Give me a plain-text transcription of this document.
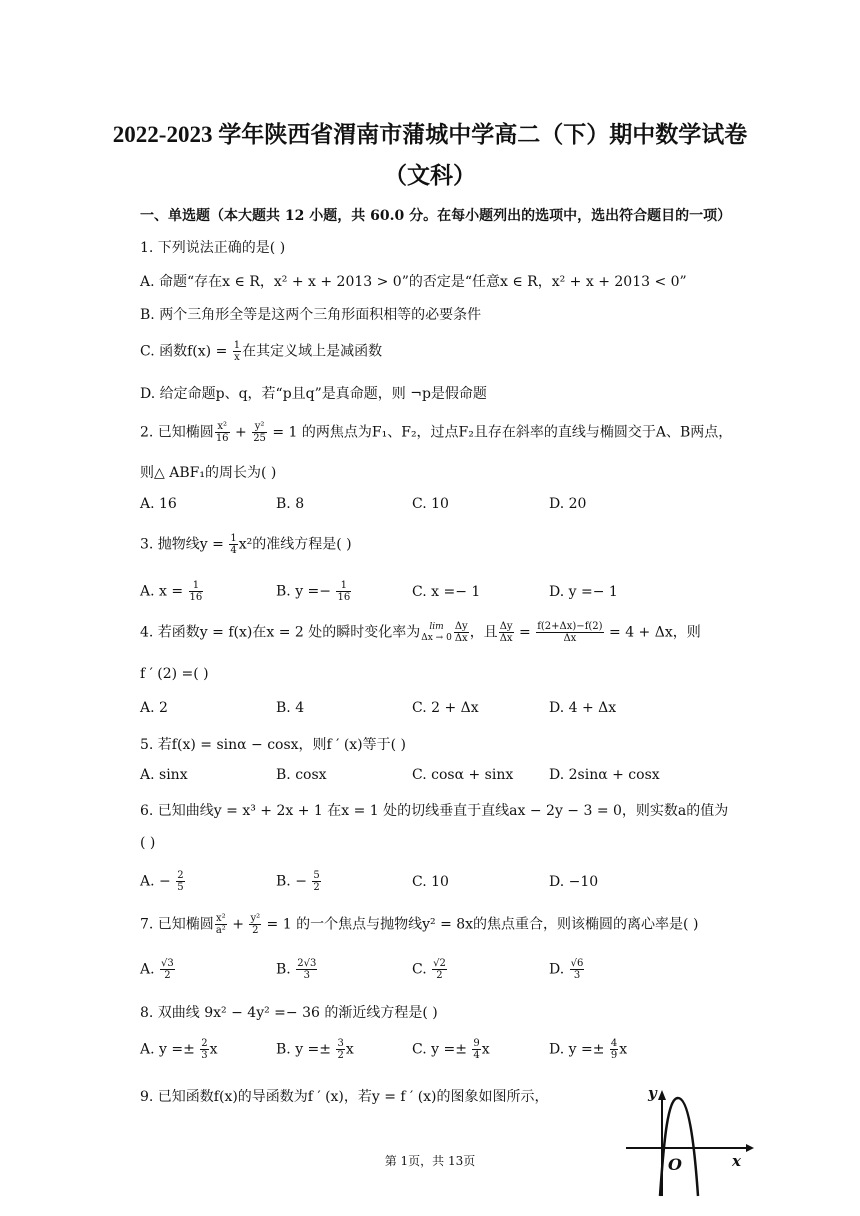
2022-2023 学年陕西省渭南市蒲城中学高二（下）期中数学试卷
（文科）
一、单选题（本大题共 12 小题，共 60.0 分。在每小题列出的选项中，选出符合题目的一项）
1. 下列说法正确的是( )
A. 命题“存在x ∈ R，x² + x + 2013 > 0”的否定是“任意x ∈ R，x² + x + 2013 < 0”
B. 两个三角形全等是这两个三角形面积相等的必要条件
C. 函数$f(x) = \frac{1}{x}$ 在其定义域上是减函数
D. 给定命题p、q，若“p且q”是真命题，则 ¬p是假命题
2. 已知椭圆 $\frac{\text{x²}}{16} + \frac{\text{y²}}{25} = 1$ 的两焦点为F₁、F₂，过点F₂且存在斜率的直线与椭圆交于A、B两点，
则△ ABF₁的周长为( )
A. 16	B. 8	C. 10	D. 20
3. 抛物线$y = \frac{1}{4} x^2$的准线方程是( )
A. $x = \frac{1}{16}$	B. $y =- \frac{1}{16}$	C. x =− 1	D. y =− 1
4. 若函数y = f(x)在x = 2 处的瞬时变化率为	lim
$\Delta x \to 0 \frac{\Delta y}{\Delta x}$ ，且 $\frac{\Delta y}{\Delta x} = \frac{f(2+\Delta x)-f(2)}{\Delta x} = 4 + \Delta x$，则
f ′ (2) =( )
A. 2	B. 4	C. 2 + Δx	D. 4 + Δx
5. 若f(x) = sinα − cosx，则f ′ (x)等于( )
A. sinx	B. cosx	C. cosα + sinx	D. 2sinα + cosx
6. 已知曲线y = x³ + 2x + 1 在x = 1 处的切线垂直于直线ax − 2y − 3 = 0，则实数a的值为
( )
A. − $\frac{2}{5}$	B. − $\frac{5}{2}$	C. 10	D. −10
7. 已知椭圆 $\frac{\text{x²}}{\text{a²}} + \frac{\text{y²}}{2} = 1$ 的一个焦点与抛物线y² = 8x的焦点重合，则该椭圆的离心率是( )
A. $\frac{√3}{2}$	B. $\frac{2√3}{3}$	C. $\frac{√2}{2}$	D. $\frac{√6}{3}$
8. 双曲线 9x² − 4y² =− 36 的渐近线方程是( )
A. $y =\pm \frac{2}{3}$ x	B. $y =\pm \frac{3}{2}$ x	C. $y =\pm \frac{9}{4}$ x	D. $y =\pm \frac{4}{9}$ x
9. 已知函数f(x)的导函数为f ′ (x)，若y = f ′ (x)的图象如图所示，	y
O	x
第 1页，共 13页
